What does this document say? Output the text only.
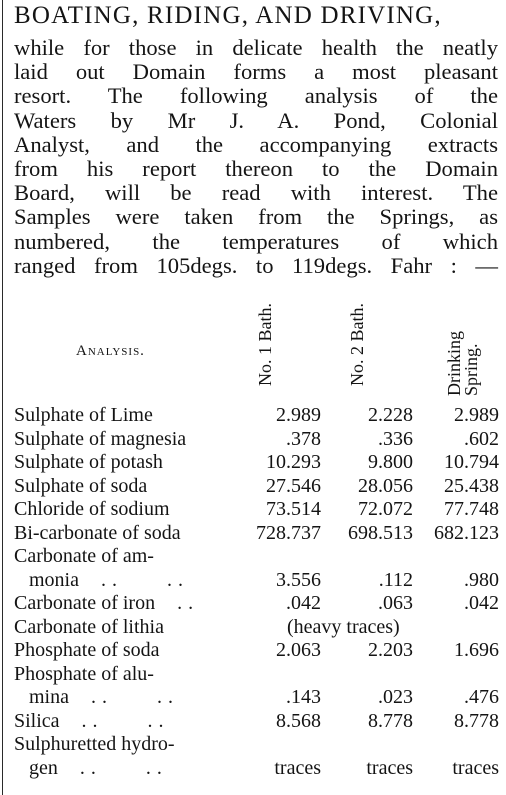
BOATING, RIDING, AND DRIVING,
while for those in delicate health the neatly
laid out Domain forms a most pleasant
resort. The following analysis of the
Waters by Mr J. A. Pond, Colonial
Analyst, and the accompanying extracts
from his report thereon to the Domain
Board, will be read with interest. The
Samples were taken from the Springs, as
numbered, the temperatures of which
ranged from 105degs. to 119degs. Fahr : —
Analysis.	No. 1 Bath.	No. 2 Bath.	Drinking Spring.
Sulphate of Lime	2.989	2.228	2.989
Sulphate of magnesia	.378	.336	.602
Sulphate of potash	10.293	9.800	10.794
Sulphate of soda	27.546	28.056	25.438
Chloride of sodium	73.514	72.072	77.748
Bi-carbonate of soda	728.737	698.513	682.123
Carbonate of am-
monia ..    ..	3.556	.112	.980
Carbonate of iron ..	.042	.063	.042
Carbonate of lithia	(heavy traces)
Phosphate of soda	2.063	2.203	1.696
Phosphate of alu-
mina ..    ..	.143	.023	.476
Silica ..    ..	8.568	8.778	8.778
Sulphuretted hydro-
gen ..    ..	traces	traces	traces
